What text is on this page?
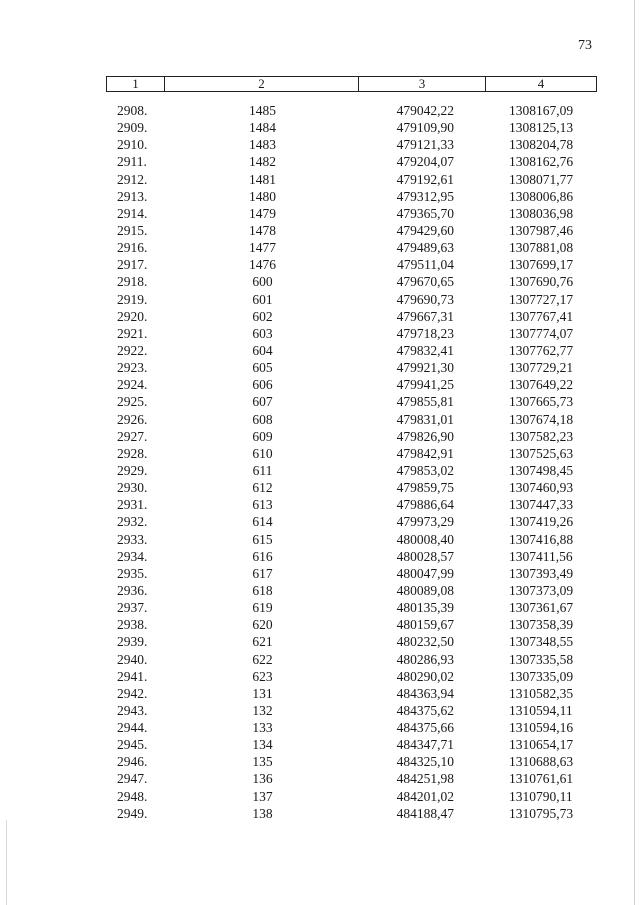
73
1	2	3	4
2908.	1485	479042,22	1308167,09
2909.	1484	479109,90	1308125,13
2910.	1483	479121,33	1308204,78
2911.	1482	479204,07	1308162,76
2912.	1481	479192,61	1308071,77
2913.	1480	479312,95	1308006,86
2914.	1479	479365,70	1308036,98
2915.	1478	479429,60	1307987,46
2916.	1477	479489,63	1307881,08
2917.	1476	479511,04	1307699,17
2918.	600	479670,65	1307690,76
2919.	601	479690,73	1307727,17
2920.	602	479667,31	1307767,41
2921.	603	479718,23	1307774,07
2922.	604	479832,41	1307762,77
2923.	605	479921,30	1307729,21
2924.	606	479941,25	1307649,22
2925.	607	479855,81	1307665,73
2926.	608	479831,01	1307674,18
2927.	609	479826,90	1307582,23
2928.	610	479842,91	1307525,63
2929.	611	479853,02	1307498,45
2930.	612	479859,75	1307460,93
2931.	613	479886,64	1307447,33
2932.	614	479973,29	1307419,26
2933.	615	480008,40	1307416,88
2934.	616	480028,57	1307411,56
2935.	617	480047,99	1307393,49
2936.	618	480089,08	1307373,09
2937.	619	480135,39	1307361,67
2938.	620	480159,67	1307358,39
2939.	621	480232,50	1307348,55
2940.	622	480286,93	1307335,58
2941.	623	480290,02	1307335,09
2942.	131	484363,94	1310582,35
2943.	132	484375,62	1310594,11
2944.	133	484375,66	1310594,16
2945.	134	484347,71	1310654,17
2946.	135	484325,10	1310688,63
2947.	136	484251,98	1310761,61
2948.	137	484201,02	1310790,11
2949.	138	484188,47	1310795,73
